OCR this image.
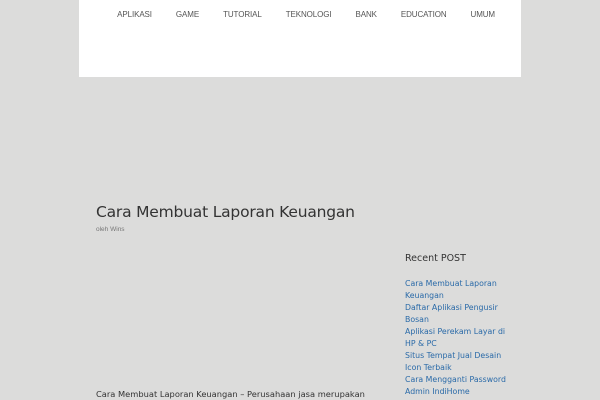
APLIKASI	GAME	TUTORIAL	TEKNOLOGI	BANK	EDUCATION	UMUM
Cara Membuat Laporan Keuangan
oleh Wins
Cara Membuat Laporan Keuangan – Perusahaan jasa merupakan
Recent POST
Cara Membuat Laporan Keuangan
Daftar Aplikasi Pengusir Bosan
Aplikasi Perekam Layar di HP & PC
Situs Tempat Jual Desain Icon Terbaik
Cara Mengganti Password Admin IndiHome
